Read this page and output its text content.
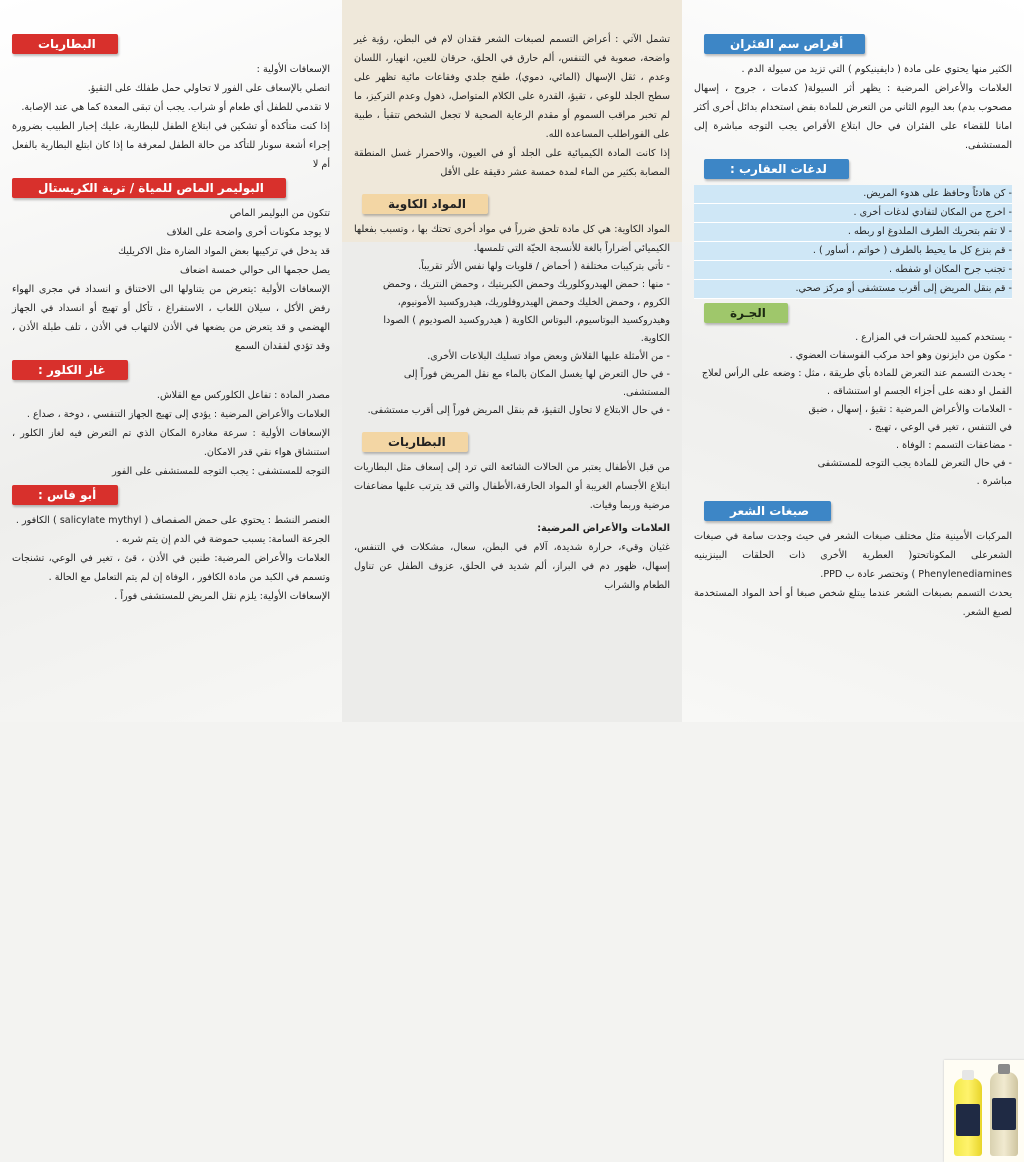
أقراص سم الفئران

الكثير منها يحتوي على مادة ( دايفينيكوم ) التي تزيد من سيولة الدم .

العلامات والأعراض المرضية : يظهر أثر السيولة( كدمات ، جروح ، إسهال مصحوب بدم) بعد اليوم الثاني من التعرض للمادة بفض استخدام بدائل أخرى أكثر امانا للقضاء على الفئران في حال ابتلاع الأقراص يجب التوجه مباشرة إلى المستشفى.

لدغات العقارب :
- كن هادئاً وحافظ على هدوء المريض.
- اخرج من المكان لتفادي لدغات أخرى .
- لا تقم بتحريك الطرف الملدوغ او ربطه .
- قم بنزع كل ما يحيط بالطرف ( خواتم ، أساور ) .
- تجنب جرح المكان او شفطه .
- قم بنقل المريض إلى أقرب مستشفى أو مركز صحي.
الجـرة
- يستخدم كمبيد للحشرات في المزارع .
- مكون من دايزنون وهو احد مركب الفوسفات العضوي .
- يحدث التسمم عند التعرض للمادة بأي طريقة ، مثل : وضعه على الرأس لعلاج القمل او دهنه على أجزاء الجسم او استنشاقه .
- العلامات والأعراض المرضية : تقيؤ ، إسهال ، ضيق في التنفس ، تغير في الوعي ، تهيج .
- مضاعفات التسمم : الوفاة .
- في حال التعرض للمادة يجب التوجه للمستشفى مباشرة .
صبغات الشعر

المركبات الأمينية مثل مختلف صبغات الشعر في حيث وجدت سامة في صبغات الشعرعلى المكوناتحتو( العطرية الأخرى ذات الحلقات البينزينيه Phenylenediamines ) وتختصر عادة ب PPD.

يحدث التسمم بصبغات الشعر عندما يبتلع شخص صبغا أو أحد المواد المستخدمة لصبغ الشعر.

تشمل الآتي : أعراض التسمم لصبغات الشعر فقدان لام في البطن، رؤية غير واضحة، صعوبة في التنفس، ألم حارق في الحلق، حرقان للعين، انهيار، اللسان وعدم ، ثقل الإسهال (المائي، دموي)، طفح جلدي وفقاعات مائية تظهر على سطح الجلد للوعي ، تقيؤ، القدرة على الكلام المتواصل، ذهول وعدم التركيز، ما لم تخبر مراقب السموم أو مقدم الرعاية الصحية لا تجعل الشخص تتقيأ ، طبية على الفوراطلب المساعدة الله.

إذا كانت المادة الكيميائية على الجلد أو في العيون، والاحمرار غسل المنطقة المصابة بكثير من الماء لمدة خمسة عشر دقيقة على الأقل

المواد الكاوية

المواد الكاوية: هي كل مادة تلحق ضرراً في مواد أخرى تحتك بها ، وتسبب بفعلها الكيميائي أضراراً بالغة للأنسجة الحيّة التي تلمسها.

- تأتي بتركيبات مختلفة ( أحماض / قلويات ولها نفس الأثر تقريباً.
- منها : حمض الهيدروكلوريك وحمض الكبريتيك ، وحمض النتريك ، وحمض الكروم ، وحمض الخليك وحمض الهيدروفلوريك، هيدروكسيد الأمونيوم، وهيدروكسيد البوتاسيوم، البوتاس الكاوية ( هيدروكسيد الصوديوم ) الصودا الكاوية.
- من الأمثلة عليها القلاش وبعض مواد تسليك البلاعات الأخرى.
- في حال التعرض لها يغسل المكان بالماء مع نقل المريض فوراً إلى المستشفى.
- في حال الابتلاع لا تحاول التقيؤ، قم بنقل المريض فوراً إلى أقرب مستشفى.
البطاريات

من قبل الأطفال يعتبر من الحالات الشائعة التي ترد إلى إسعاف مثل البطاريات ابتلاع الأجسام الغريبة أو المواد الحارقة،الأطفال والتي قد يترتب عليها مضاعفات مرضية وربما وفيات.

العلامات والأعراض المرضية:

غثيان وقيء، حرارة شديدة، آلام في البطن، سعال، مشكلات في التنفس، إسهال، ظهور دم في البراز، ألم شديد في الحلق، عزوف الطفل عن تناول الطعام والشراب

البطاريات

الإسعافات الأولية :

اتصلي بالإسعاف على الفور لا تحاولي حمل طفلك على التقيؤ.

لا تقدمي للطفل أي طعام أو شراب. يجب أن تبقى المعدة كما هي عند الإصابة.

إذا كنت متأكدة أو تشكين في ابتلاع الطفل للبطارية، عليك إخبار الطبيب بضرورة إجراء أشعة سونار للتأكد من حالة الطفل لمعرفة ما إذا كان ابتلع البطارية بالفعل أم لا

البوليمر الماص للمياة / تربة الكريستال

تتكون من البوليمر الماص

لا يوجد مكونات أخرى واضحة على الغلاف

قد يدخل في تركيبها بعض المواد الضارة مثل الاكريليك

يصل حجمها الى حوالي خمسة اضعاف

الإسعافات الأولية :يتعرض من يتناولها الى الاختناق و انسداد في مجرى الهواء رفض الأكل ، سيلان اللعاب ، الاستفراغ ، تأكل أو تهيج أو انسداد في الجهاز الهضمي و قد يتعرض من يضعها في الأذن لالتهاب في الأذن ، تلف طبلة الأذن ، وقد تؤدي لفقدان السمع

غاز الكلور :

مصدر المادة : تفاعل الكلوركس مع القلاش.

العلامات والأعراض المرضية : يؤدي إلى تهيج الجهاز التنفسي ، دوخة ، صداع .

الإسعافات الأولية : سرعة مغادرة المكان الذي تم التعرض فيه لغاز الكلور ، استنشاق هواء نقي قدر الامكان.

التوجه للمستشفى : يجب التوجه للمستشفى على الفور

أبو فاس :

العنصر النشط : يحتوي على حمض الصفصاف ( salicylate mythyl ) الكافور .

الجرعة السامة: يسبب حموضة في الدم إن يتم شربه .

العلامات والأعراض المرضية: طنين في الأذن ، قئ ، تغير في الوعي، تشنجات وتسمم في الكبد من مادة الكافور ، الوفاة إن لم يتم التعامل مع الحالة .

الإسعافات الأولية: يلزم نقل المريض للمستشفى فوراً .
